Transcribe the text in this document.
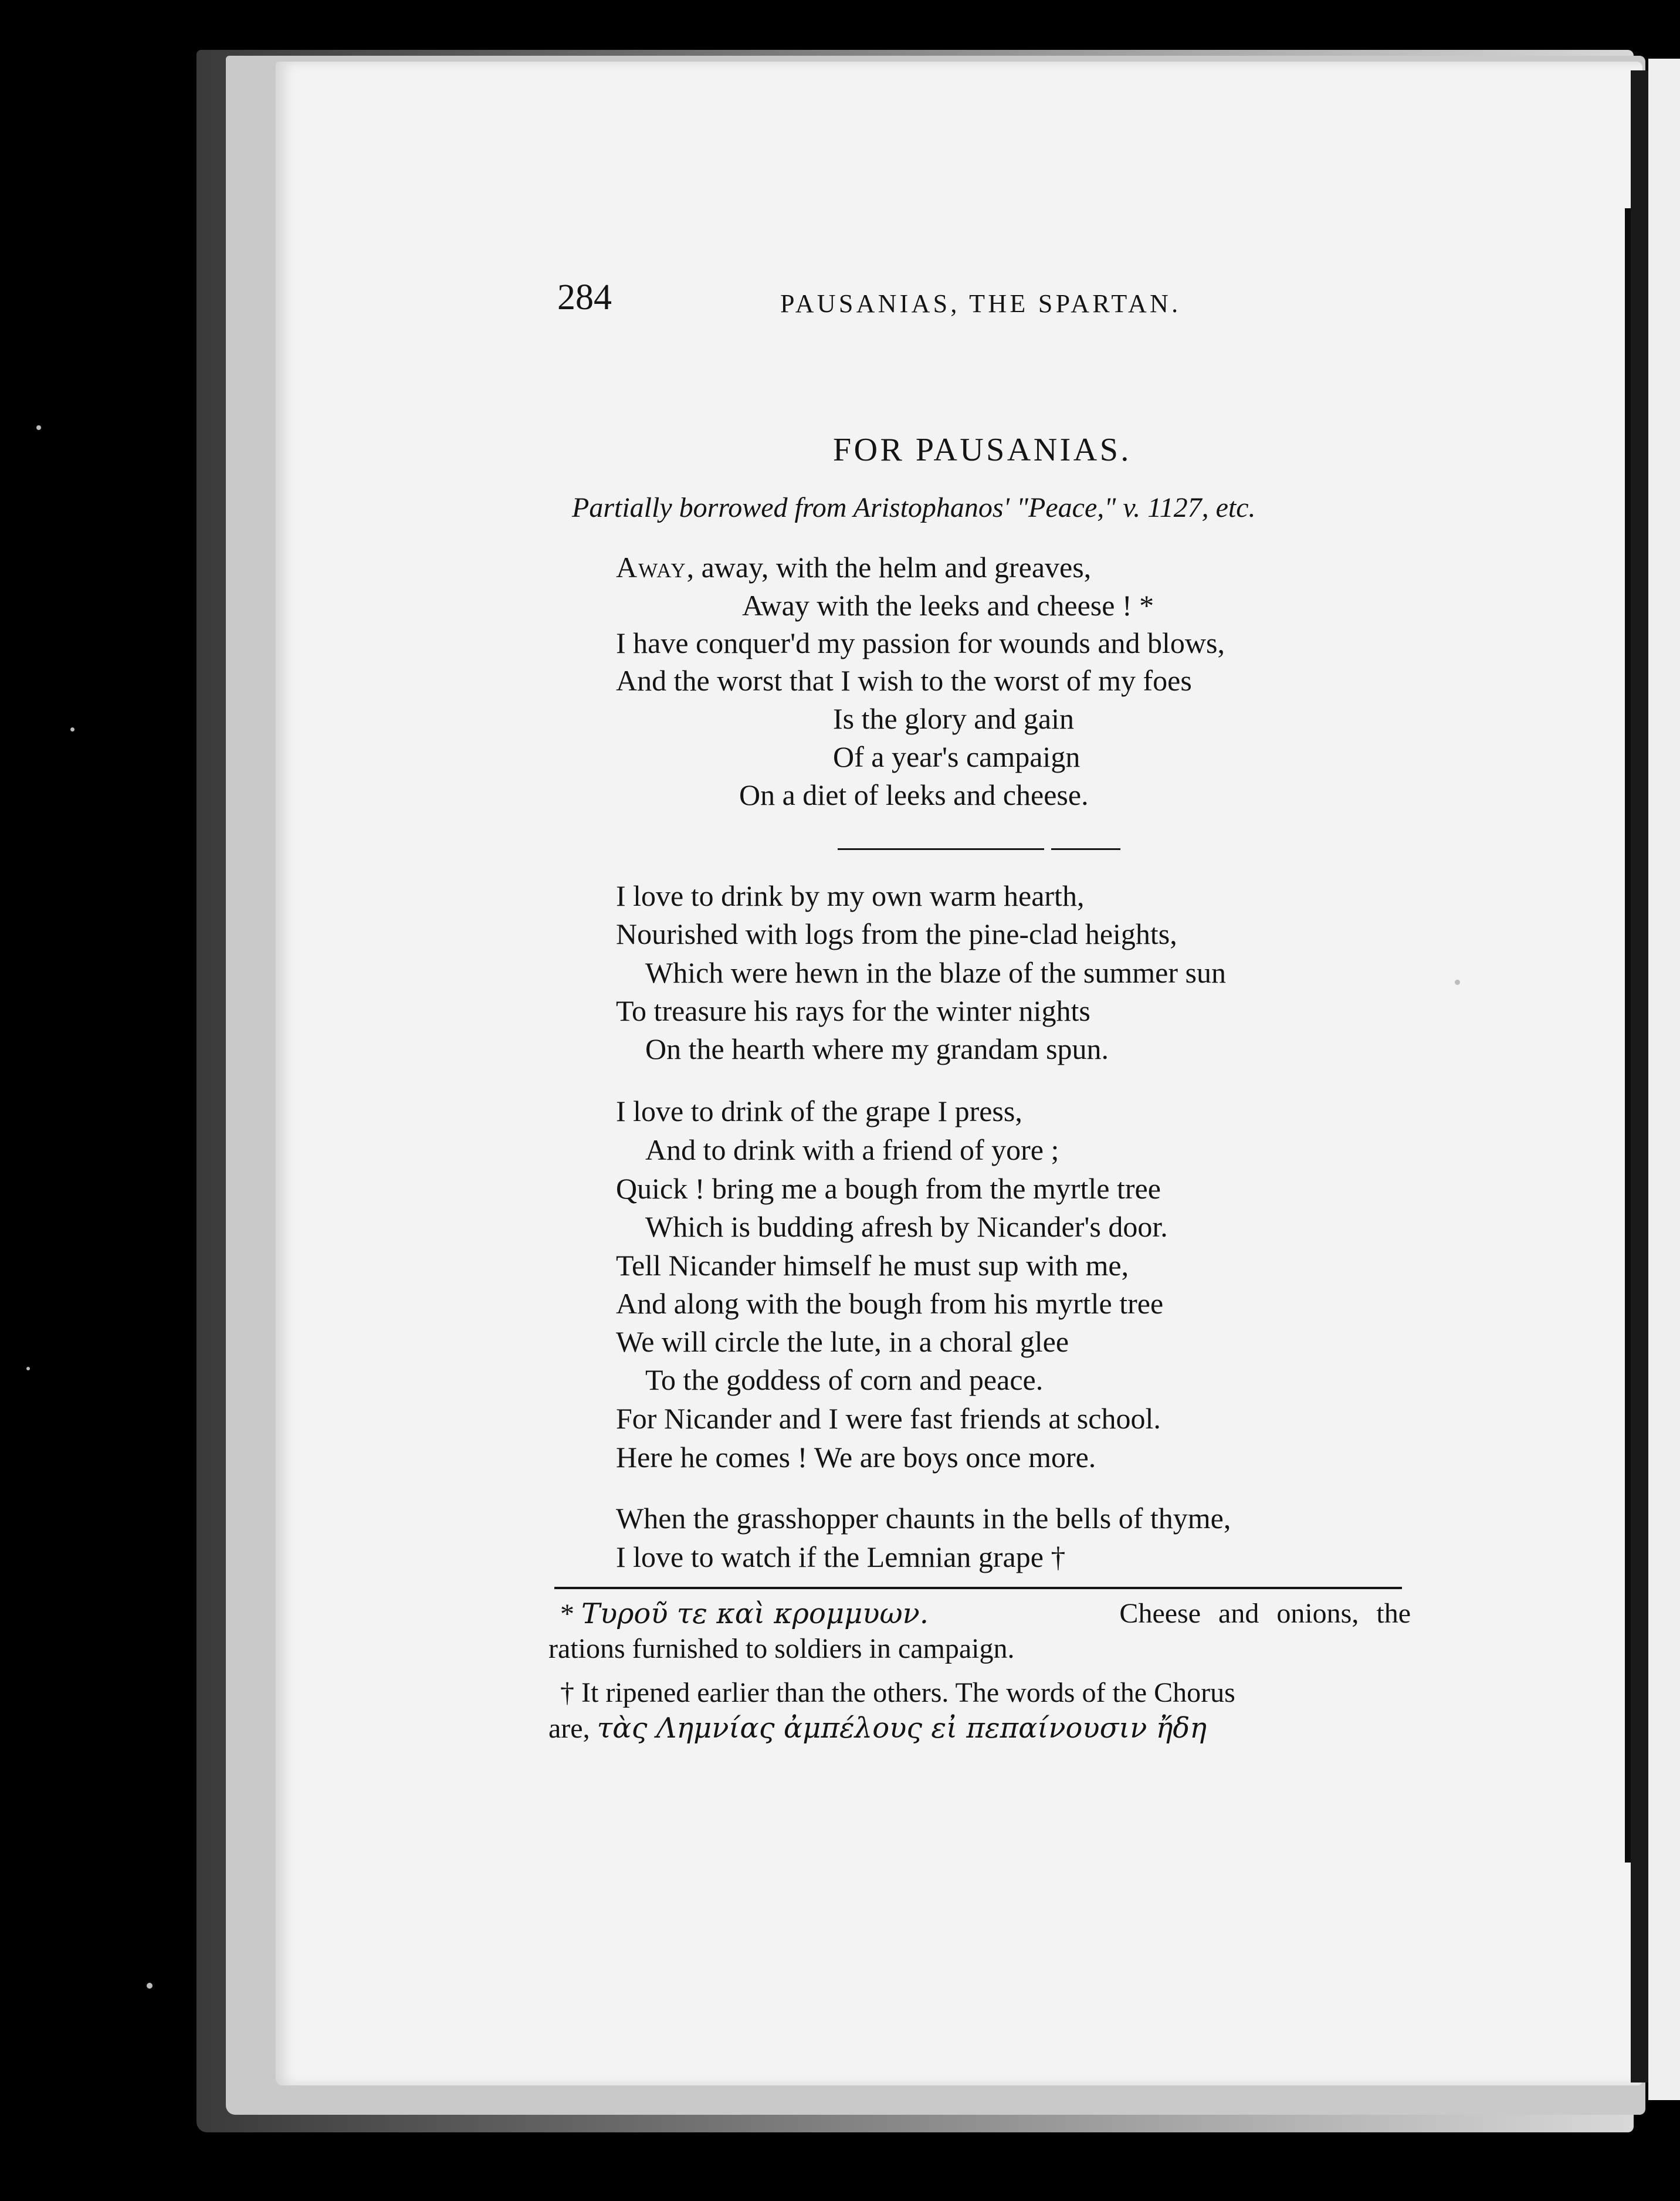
284	PAUSANIAS, THE SPARTAN.
FOR PAUSANIAS.
Partially borrowed from Aristophanos' "Peace," v. 1127, etc.
Away, away, with the helm and greaves,
Away with the leeks and cheese ! *
I have conquer'd my passion for wounds and blows,
And the worst that I wish to the worst of my foes
Is the glory and gain
Of a year's campaign
On a diet of leeks and cheese.
I love to drink by my own warm hearth,
Nourished with logs from the pine-clad heights,
Which were hewn in the blaze of the summer sun
To treasure his rays for the winter nights
On the hearth where my grandam spun.
I love to drink of the grape I press,
And to drink with a friend of yore ;
Quick ! bring me a bough from the myrtle tree
Which is budding afresh by Nicander's door.
Tell Nicander himself he must sup with me,
And along with the bough from his myrtle tree
We will circle the lute, in a choral glee
To the goddess of corn and peace.
For Nicander and I were fast friends at school.
Here he comes ! We are boys once more.
When the grasshopper chaunts in the bells of thyme,
I love to watch if the Lemnian grape †
* Τυροῦ τε καὶ κρομμυων.	Cheese and onions, the
rations furnished to soldiers in campaign.
† It ripened earlier than the others. The words of the Chorus
are, τὰς Λημνίας ἀμπέλους εἰ πεπαίνουσιν ἤδη
